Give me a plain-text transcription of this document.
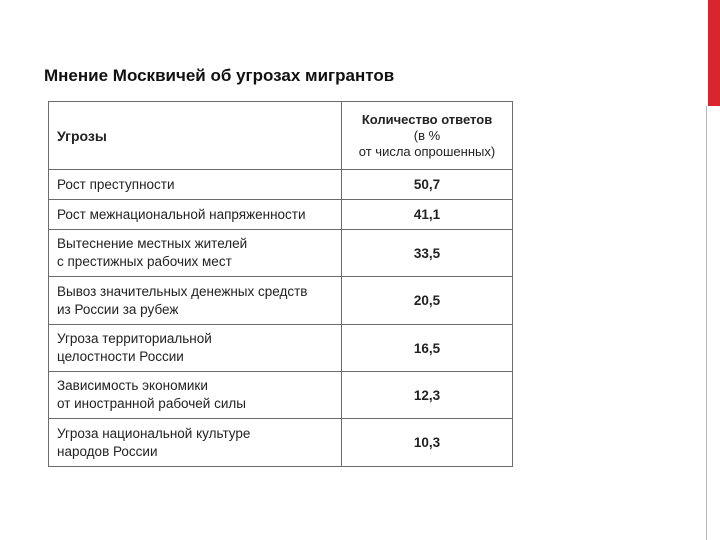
Мнение Москвичей об угрозах мигрантов
Угрозы	Количество ответов
(в %
от числа опрошенных)

Рост преступности	50,7

Рост межнациональной напряженности	41,1

Вытеснение местных жителей
с престижных рабочих мест	33,5

Вывоз значительных денежных средств
из России за рубеж	20,5

Угроза территориальной
целостности России	16,5

Зависимость экономики
от иностранной рабочей силы	12,3

Угроза национальной культуре
народов России	10,3
